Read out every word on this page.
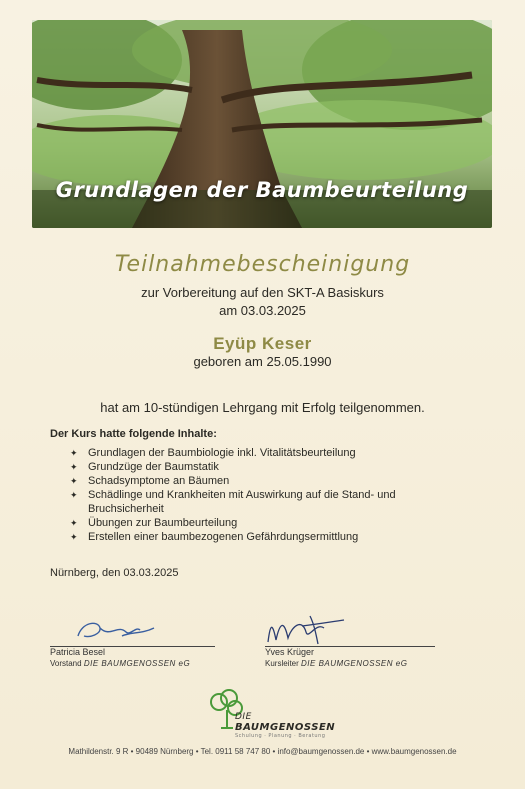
Grundlagen der Baumbeurteilung
Teilnahmebescheinigung
zur Vorbereitung auf den SKT-A Basiskurs
am 03.03.2025
Eyüp Keser
geboren am 25.05.1990
hat am 10-stündigen Lehrgang mit Erfolg teilgenommen.
Der Kurs hatte folgende Inhalte:
✦ Grundlagen der Baumbiologie inkl. Vitalitätsbeurteilung
✦ Grundzüge der Baumstatik
✦ Schadsymptome an Bäumen
✦ Schädlinge und Krankheiten mit Auswirkung auf die Stand- und Bruchsicherheit
✦ Übungen zur Baumbeurteilung
✦ Erstellen einer baumbezogenen Gefährdungsermittlung
Nürnberg, den 03.03.2025
Patricia Besel
Vorstand DIE BAUMGENOSSEN eG
Yves Krüger
Kursleiter DIE BAUMGENOSSEN eG
DIE
BAUMGENOSSEN
Schulung · Planung · Beratung
Mathildenstr. 9 R • 90489 Nürnberg • Tel. 0911 58 747 80 • info@baumgenossen.de • www.baumgenossen.de
